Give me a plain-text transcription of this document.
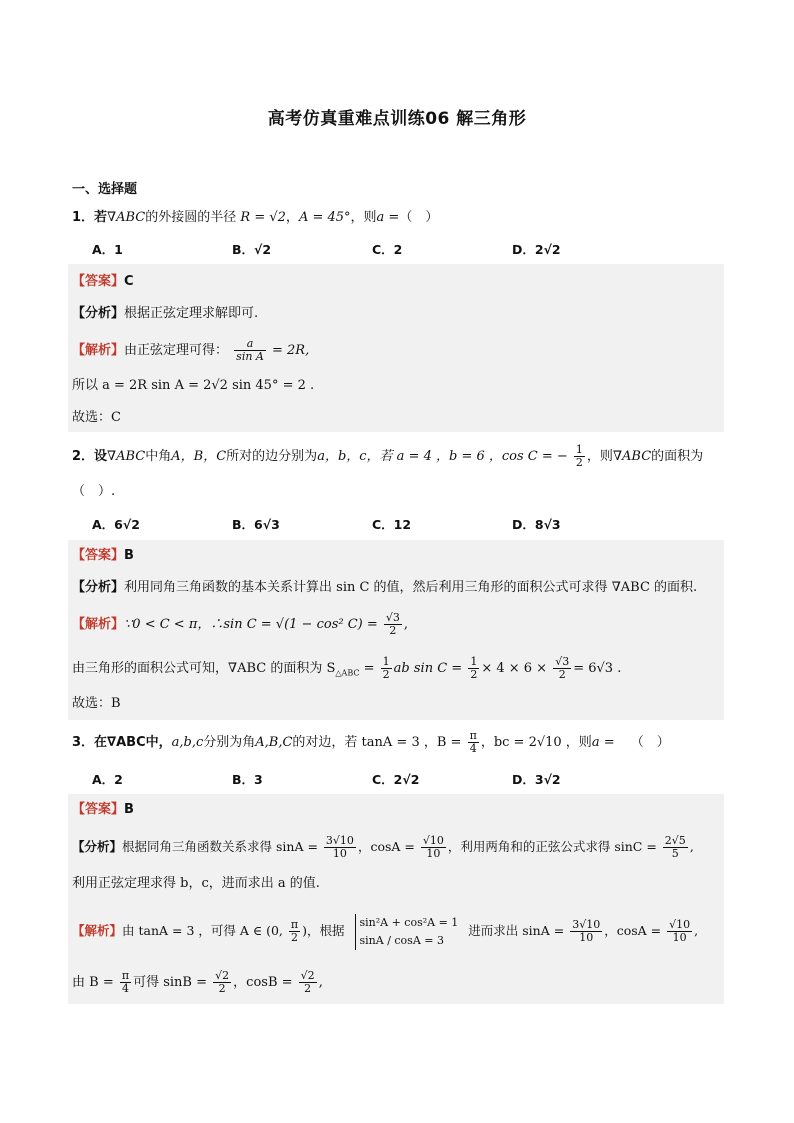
高考仿真重难点训练06 解三角形
一、选择题
1．若∇ABC的外接圆的半径 R = √2，A = 45°，则a =（　）
A．1	B．√2	C．2	D．2√2
【答案】C
【分析】根据正弦定理求解即可.
【解析】由正弦定理可得： $\frac{a}{\text{sin A}} = 2R$,
所以 a = 2R sin A = 2√2 sin 45° = 2 .
故选：C
2．设∇ABC中角A，B，C所对的边分别为a，b，c，若 a = 4 ，b = 6 ，cos C = − $\frac{1}{2}$ ，则∇ABC的面积为
（　）.
A．6√2	B．6√3	C．12	D．8√3
【答案】B
【分析】利用同角三角函数的基本关系计算出 sin C 的值，然后利用三角形的面积公式可求得 ∇ABC 的面积.
【解析】∵0 < C < π，∴sin C = √(1 − cos² $C) = \frac{√3}{2}$ ,
由三角形的面积公式可知，∇ABC 的面积为 $S_{\triangle ABC} = \frac{1}{2}$ ab $\sin C = \frac{1}{2} \times 4 \times 6 \times \frac{√3}{2} = 6√3$ .
故选：B
3．在∇ABC中，a,b,c分别为角A,B,C的对边，若 tanA = 3 ，$B = \frac{\pi}{4}$ ，bc = 2√10 ，则a = （　）
A．2	B．3	C．2√2	D．3√2
【答案】B
【分析】根据同角三角函数关系求得 $\sin A = \frac{3√10}{10}$ ，$\cos A = \frac{√10}{10}$ ，利用两角和的正弦公式求得 $\sin C = \frac{2√5}{5}$ ,
利用正弦定理求得 b，c，进而求出 a 的值.
【解析】由 tanA = 3 ，可得 A ∈ (0, $\frac{\pi}{2}$ )，根据
sin²A + cos²A = 1
sinA / cosA = 3
进而求出 $\sin A = \frac{3√10}{10}$ ，$\cos A = \frac{√10}{10}$ ,
由 $B = \frac{\pi}{4}$ 可得 $\sin B = \frac{√2}{2}$ ，$\cos B = \frac{√2}{2}$ ,
